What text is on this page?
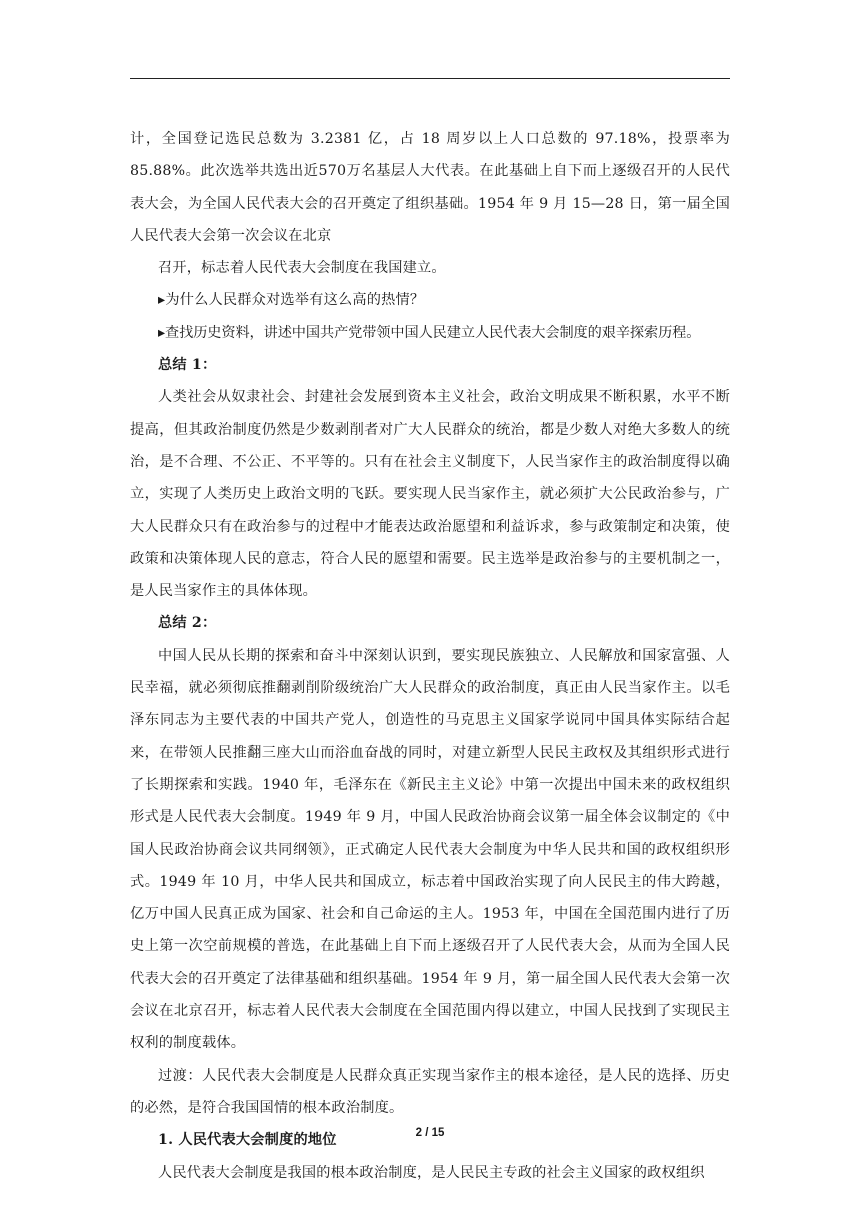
计，全国登记选民总数为 3.2381 亿，占 18 周岁以上人口总数的 97.18%，投票率为 85.88%。此次选举共选出近570万名基层人大代表。在此基础上自下而上逐级召开的人民代表大会，为全国人民代表大会的召开奠定了组织基础。1954 年 9 月 15—28 日，第一届全国人民代表大会第一次会议在北京

召开，标志着人民代表大会制度在我国建立。

▸为什么人民群众对选举有这么高的热情？

▸查找历史资料，讲述中国共产党带领中国人民建立人民代表大会制度的艰辛探索历程。

总结 1：

人类社会从奴隶社会、封建社会发展到资本主义社会，政治文明成果不断积累，水平不断提高，但其政治制度仍然是少数剥削者对广大人民群众的统治，都是少数人对绝大多数人的统治，是不合理、不公正、不平等的。只有在社会主义制度下，人民当家作主的政治制度得以确立，实现了人类历史上政治文明的飞跃。要实现人民当家作主，就必须扩大公民政治参与，广大人民群众只有在政治参与的过程中才能表达政治愿望和利益诉求，参与政策制定和决策，使政策和决策体现人民的意志，符合人民的愿望和需要。民主选举是政治参与的主要机制之一，是人民当家作主的具体体现。

总结 2：

中国人民从长期的探索和奋斗中深刻认识到，要实现民族独立、人民解放和国家富强、人民幸福，就必须彻底推翻剥削阶级统治广大人民群众的政治制度，真正由人民当家作主。以毛泽东同志为主要代表的中国共产党人，创造性的马克思主义国家学说同中国具体实际结合起来，在带领人民推翻三座大山而浴血奋战的同时，对建立新型人民民主政权及其组织形式进行了长期探索和实践。1940 年，毛泽东在《新民主主义论》中第一次提出中国未来的政权组织形式是人民代表大会制度。1949 年 9 月，中国人民政治协商会议第一届全体会议制定的《中国人民政治协商会议共同纲领》，正式确定人民代表大会制度为中华人民共和国的政权组织形式。1949 年 10 月，中华人民共和国成立，标志着中国政治实现了向人民民主的伟大跨越，亿万中国人民真正成为国家、社会和自己命运的主人。1953 年，中国在全国范围内进行了历史上第一次空前规模的普选，在此基础上自下而上逐级召开了人民代表大会，从而为全国人民代表大会的召开奠定了法律基础和组织基础。1954 年 9 月，第一届全国人民代表大会第一次会议在北京召开，标志着人民代表大会制度在全国范围内得以建立，中国人民找到了实现民主权利的制度载体。

过渡：人民代表大会制度是人民群众真正实现当家作主的根本途径，是人民的选择、历史的必然，是符合我国国情的根本政治制度。

1. 人民代表大会制度的地位

人民代表大会制度是我国的根本政治制度，是人民民主专政的社会主义国家的政权组织

2 / 15
